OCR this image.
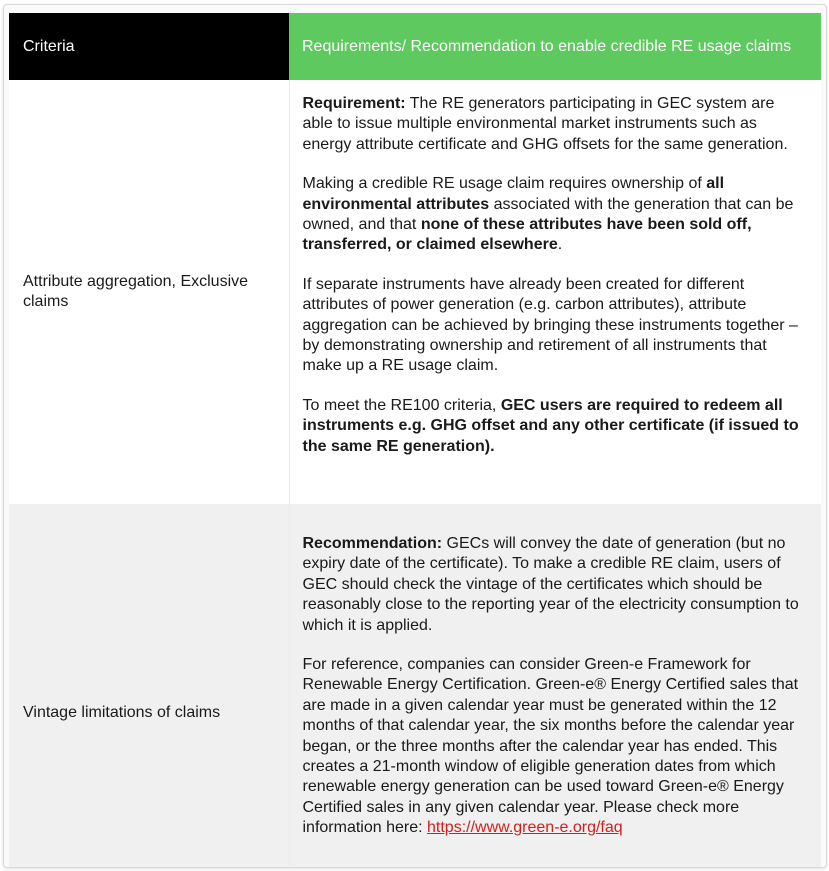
Criteria	Requirements/ Recommendation to enable credible RE usage claims
Attribute aggregation, Exclusive claims	Requirement: The RE generators participating in GEC system are able to issue multiple environmental market instruments such as energy attribute certificate and GHG offsets for the same generation.

Making a credible RE usage claim requires ownership of all environmental attributes associated with the generation that can be owned, and that none of these attributes have been sold off, transferred, or claimed elsewhere.

If separate instruments have already been created for different attributes of power generation (e.g. carbon attributes), attribute aggregation can be achieved by bringing these instruments together – by demonstrating ownership and retirement of all instruments that make up a RE usage claim.

To meet the RE100 criteria, GEC users are required to redeem all instruments e.g. GHG offset and any other certificate (if issued to the same RE generation).

Vintage limitations of claims	Recommendation: GECs will convey the date of generation (but no expiry date of the certificate). To make a credible RE claim, users of GEC should check the vintage of the certificates which should be reasonably close to the reporting year of the electricity consumption to which it is applied.

For reference, companies can consider Green-e Framework for Renewable Energy Certification. Green-e® Energy Certified sales that are made in a given calendar year must be generated within the 12 months of that calendar year, the six months before the calendar year began, or the three months after the calendar year has ended. This creates a 21-month window of eligible generation dates from which renewable energy generation can be used toward Green-e® Energy Certified sales in any given calendar year. Please check more information here: https://www.green-e.org/faq
